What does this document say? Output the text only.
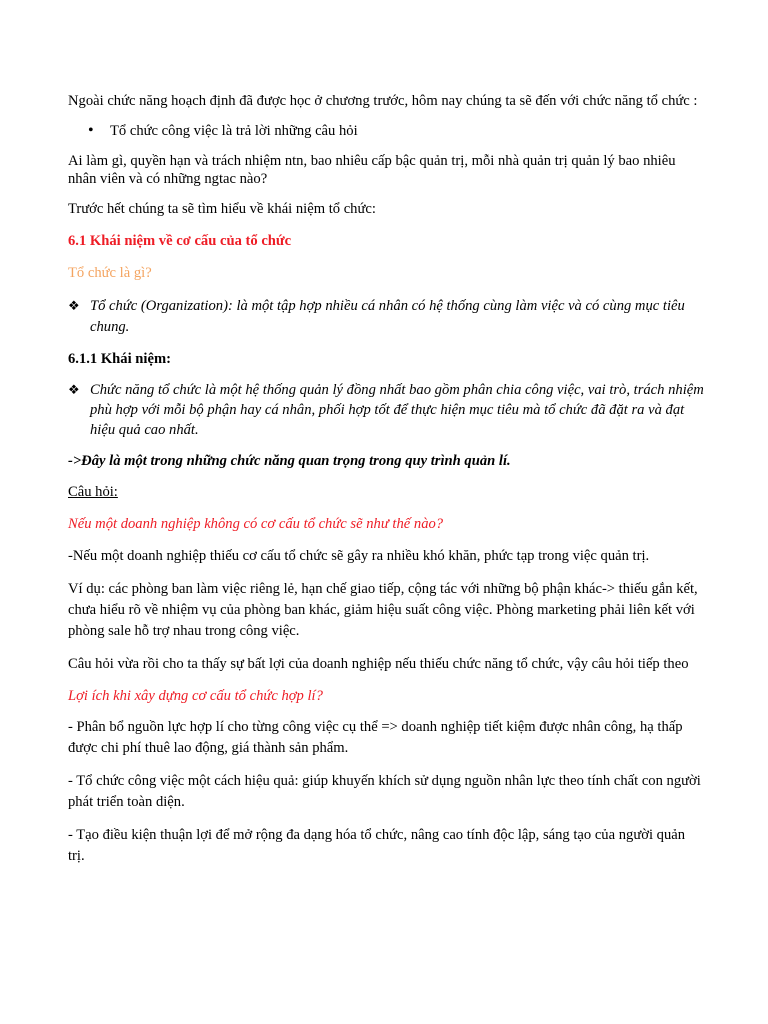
Ngoài chức năng hoạch định đã được học ở chương trước, hôm nay chúng ta sẽ đến với chức năng tổ chức :

•	Tổ chức công việc là trả lời những câu hỏi

Ai làm gì, quyền hạn và trách nhiệm ntn, bao nhiêu cấp bậc quản trị, mỗi nhà quản trị quản lý bao nhiêu nhân viên và có những ngtac nào?

Trước hết chúng ta sẽ tìm hiểu về khái niệm tổ chức:

6.1 Khái niệm về cơ cấu của tổ chức

Tổ chức là gì?

❖ Tổ chức (Organization): là một tập hợp nhiều cá nhân có hệ thống cùng làm việc và có cùng mục tiêu chung.

6.1.1 Khái niệm:

❖ Chức năng tổ chức là một hệ thống quản lý đồng nhất bao gồm phân chia công việc, vai trò, trách nhiệm phù hợp với mỗi bộ phận hay cá nhân, phối hợp tốt để thực hiện mục tiêu mà tổ chức đã đặt ra và đạt hiệu quả cao nhất.

->Đây là một trong những chức năng quan trọng trong quy trình quản lí.

Câu hỏi:

Nếu một doanh nghiệp không có cơ cấu tổ chức sẽ như thế nào?

-Nếu một doanh nghiệp thiếu cơ cấu tổ chức sẽ gây ra nhiều khó khăn, phức tạp trong việc quản trị.

Ví dụ: các phòng ban làm việc riêng lẻ, hạn chế giao tiếp, cộng tác với những bộ phận khác-> thiếu gắn kết, chưa hiểu rõ về nhiệm vụ của phòng ban khác, giảm hiệu suất công việc. Phòng marketing phải liên kết với phòng sale hỗ trợ nhau trong công việc.

Câu hỏi vừa rồi cho ta thấy sự bất lợi của doanh nghiệp nếu thiếu chức năng tổ chức, vậy câu hỏi tiếp theo

Lợi ích khi xây dựng cơ cấu tổ chức hợp lí?

- Phân bổ nguồn lực hợp lí cho từng công việc cụ thể => doanh nghiệp tiết kiệm được nhân công, hạ thấp được chi phí thuê lao động, giá thành sản phẩm.

- Tổ chức công việc một cách hiệu quả: giúp khuyến khích sử dụng nguồn nhân lực theo tính chất con người phát triển toàn diện.

- Tạo điều kiện thuận lợi để mở rộng đa dạng hóa tổ chức, nâng cao tính độc lập, sáng tạo của người quản trị.
